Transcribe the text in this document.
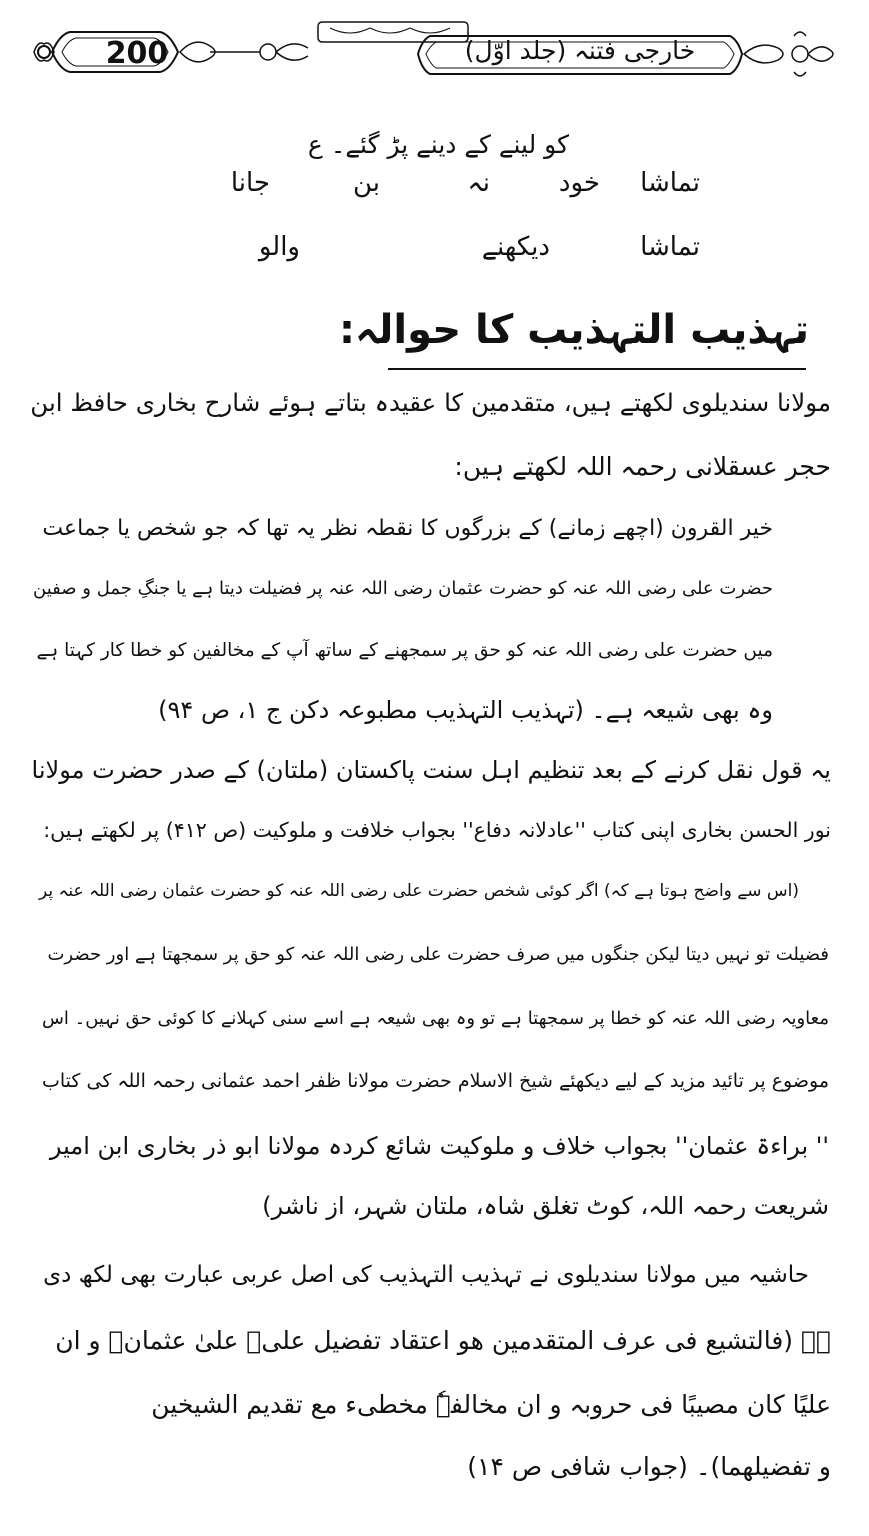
200	خارجی فتنہ (جلد اوّل)
کو لینے کے دینے پڑ گئے۔ ع
تماشا
خود
نہ
بن
جانا
تماشا
دیکھنے
والو
تہذیب التہذیب کا حوالہ:
مولانا سندیلوی لکھتے ہیں، متقدمین کا عقیدہ بتاتے ہوئے شارح بخاری حافظ ابن
حجر عسقلانی رحمہ اللہ لکھتے ہیں:
خیر القرون (اچھے زمانے) کے بزرگوں کا نقطہ نظر یہ تھا کہ جو شخص یا جماعت
حضرت علی رضی اللہ عنہ کو حضرت عثمان رضی اللہ عنہ پر فضیلت دیتا ہے یا جنگِ جمل و صفین
میں حضرت علی رضی اللہ عنہ کو حق پر سمجھنے کے ساتھ آپ کے مخالفین کو خطا کار کہتا ہے
وہ بھی شیعہ ہے۔ (تہذیب التہذیب مطبوعہ دکن ج ۱، ص ۹۴)
یہ قول نقل کرنے کے بعد تنظیم اہل سنت پاکستان (ملتان) کے صدر حضرت مولانا
نور الحسن بخاری اپنی کتاب ''عادلانہ دفاع'' بجواب خلافت و ملوکیت (ص ۴۱۲) پر لکھتے ہیں:
(اس سے واضح ہوتا ہے کہ) اگر کوئی شخص حضرت علی رضی اللہ عنہ کو حضرت عثمان رضی اللہ عنہ پر
فضیلت تو نہیں دیتا لیکن جنگوں میں صرف حضرت علی رضی اللہ عنہ کو حق پر سمجھتا ہے اور حضرت
معاویہ رضی اللہ عنہ کو خطا پر سمجھتا ہے تو وہ بھی شیعہ ہے اسے سنی کہلانے کا کوئی حق نہیں۔ اس
موضوع پر تائید مزید کے لیے دیکھئے شیخ الاسلام حضرت مولانا ظفر احمد عثمانی رحمہ اللہ کی کتاب
'' براءۃ عثمان'' بجواب خلاف و ملوکیت شائع کردہ مولانا ابو ذر بخاری ابن امیر
شریعت رحمہ اللہ، کوٹ تغلق شاہ، ملتان شہر، از ناشر)
حاشیہ میں مولانا سندیلوی نے تہذیب التہذیب کی اصل عربی عبارت بھی لکھ دی
ہے (فالتشیع فی عرف المتقدمین ھو اعتقاد تفضیل علیؓ علیٰ عثمانؓ و ان
علیًا کان مصیبًا فی حروبہ و ان مخالفہٗ مخطیء مع تقدیم الشیخین
و تفضیلھما)۔ (جواب شافی ص ۱۴)
